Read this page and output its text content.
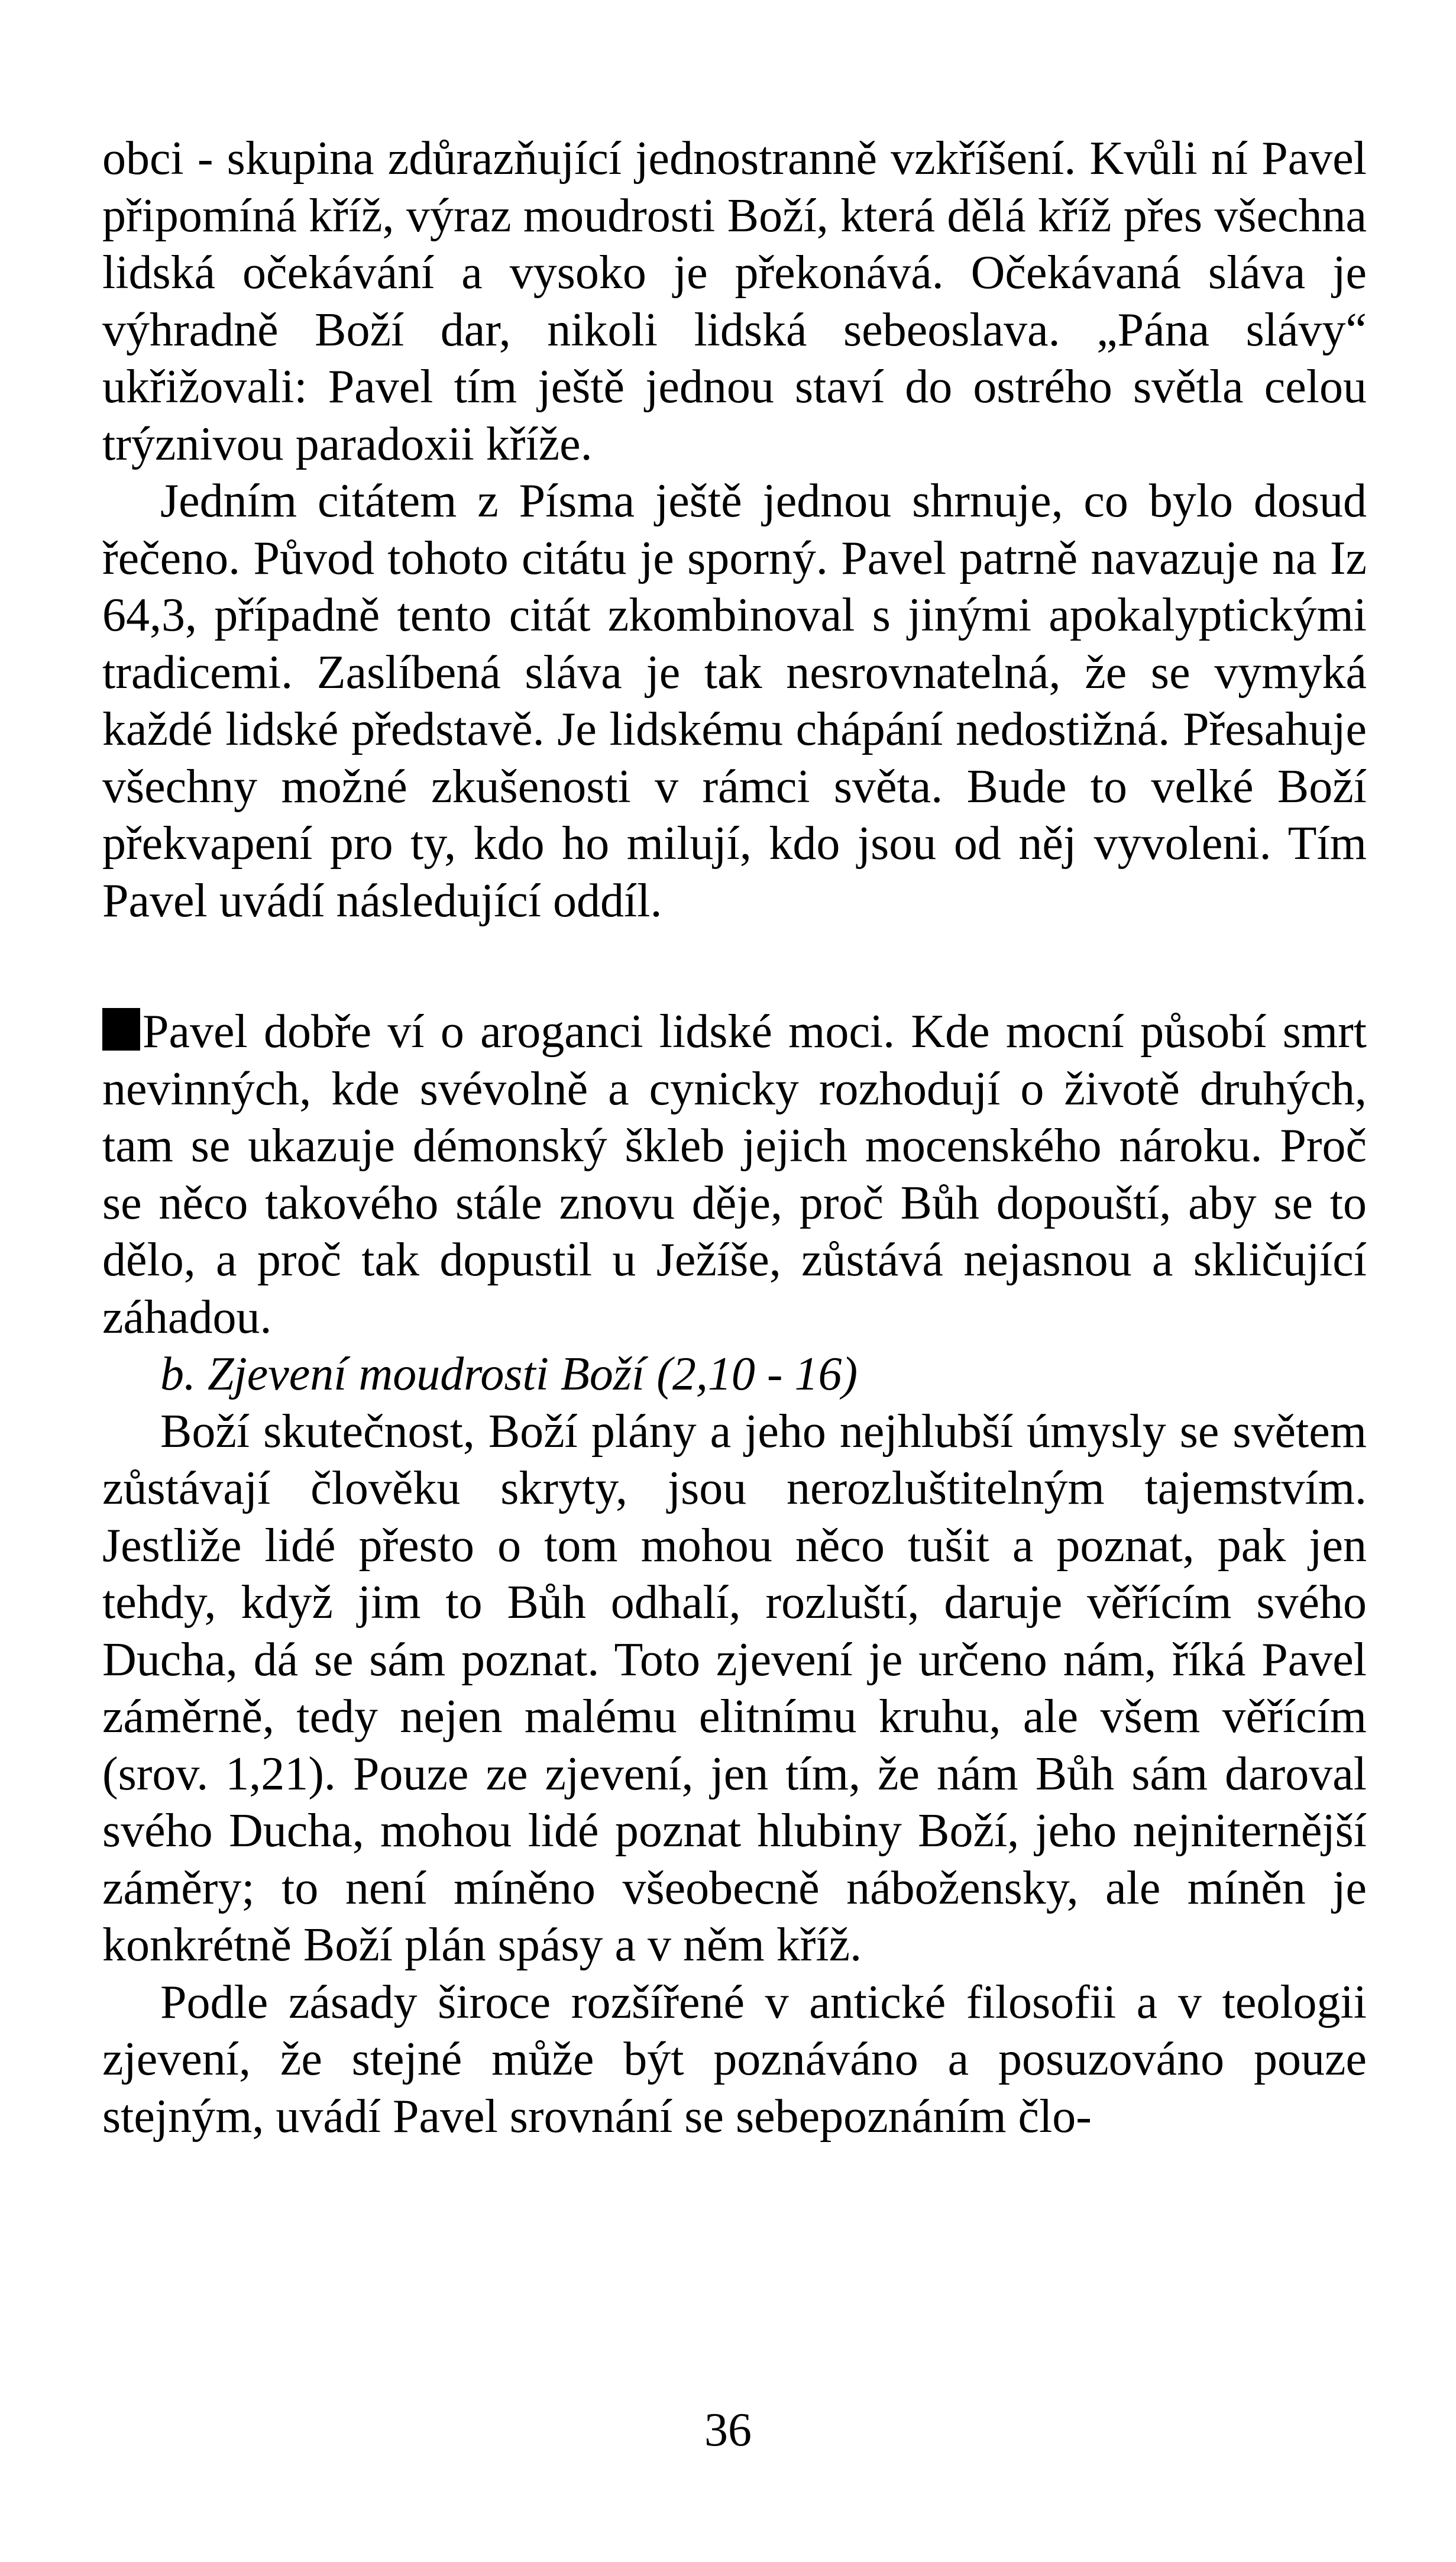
obci - skupina zdůrazňující jednostranně vzkříšení. Kvůli ní Pavel připomíná kříž, výraz moudrosti Boží, která dělá kříž přes všechna lidská očekávání a vysoko je překonává. Očekávaná sláva je výhradně Boží dar, nikoli lidská sebeoslava. „Pána slávy“ ukřižovali: Pavel tím ještě jednou staví do ostrého světla celou trýznivou paradoxii kříže.

Jedním citátem z Písma ještě jednou shrnuje, co bylo dosud řečeno. Původ tohoto citátu je sporný. Pavel patrně navazuje na Iz 64,3, případně tento citát zkombinoval s jinými apokalyptickými tradicemi. Zaslíbená sláva je tak nesrovnatelná, že se vymyká každé lidské představě. Je lidskému chápání nedostižná. Přesahuje všechny možné zkušenosti v rámci světa. Bude to velké Boží překvapení pro ty, kdo ho milují, kdo jsou od něj vyvoleni. Tím Pavel uvádí následující oddíl.

Pavel dobře ví o aroganci lidské moci. Kde mocní působí smrt nevinných, kde svévolně a cynicky rozhodují o životě druhých, tam se ukazuje démonský škleb jejich mocenského nároku. Proč se něco takového stále znovu děje, proč Bůh dopouští, aby se to dělo, a proč tak dopustil u Ježíše, zůstává nejasnou a skličující záhadou.

b. Zjevení moudrosti Boží (2,10 - 16)

Boží skutečnost, Boží plány a jeho nejhlubší úmysly se světem zůstávají člověku skryty, jsou nerozluštitelným tajemstvím. Jestliže lidé přesto o tom mohou něco tušit a poznat, pak jen tehdy, když jim to Bůh odhalí, rozluští, daruje věřícím svého Ducha, dá se sám poznat. Toto zjevení je určeno nám, říká Pavel záměrně, tedy nejen malému elitnímu kruhu, ale všem věřícím (srov. 1,21). Pouze ze zjevení, jen tím, že nám Bůh sám daroval svého Ducha, mohou lidé poznat hlubiny Boží, jeho nejniternější záměry; to není míněno všeobecně nábožensky, ale míněn je konkrétně Boží plán spásy a v něm kříž.

Podle zásady široce rozšířené v antické filosofii a v teologii zjevení, že stejné může být poznáváno a posuzováno pouze stejným, uvádí Pavel srovnání se sebepoznáním člo-

36
